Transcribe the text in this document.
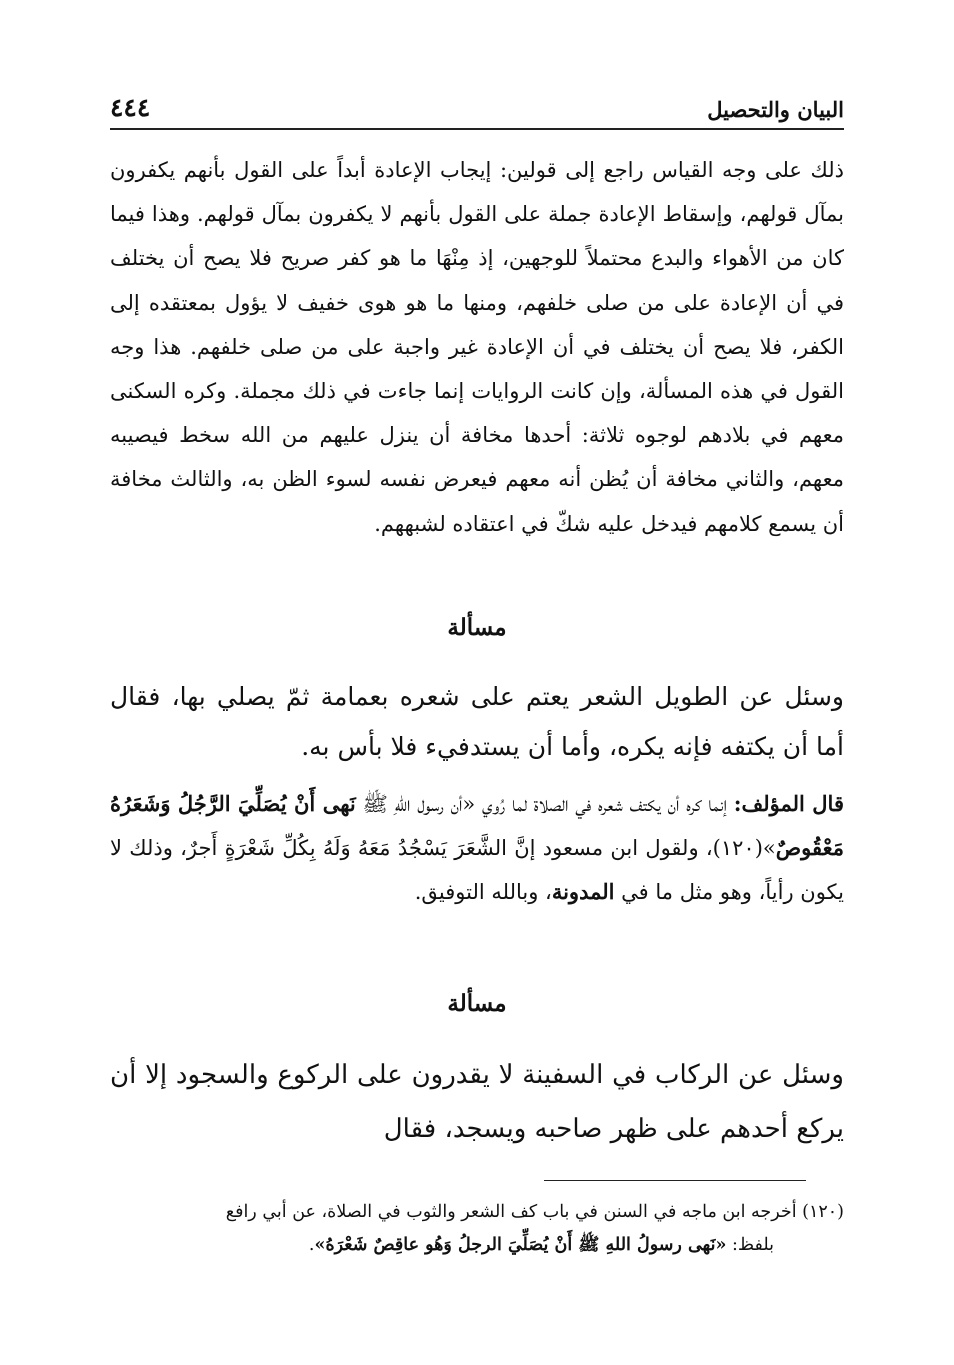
البيان والتحصيل
٤٤٤
ذلك على وجه القياس راجع إلى قولين: إيجاب الإعادة أبداً على القول بأنهم يكفرون بمآل قولهم، وإسقاط الإعادة جملة على القول بأنهم لا يكفرون بمآل قولهم. وهذا فيما كان من الأهواء والبدع محتملاً للوجهين، إذ مِنْهَا ما هو كفر صريح فلا يصح أن يختلف في أن الإعادة على من صلى خلفهم، ومنها ما هو هوى خفيف لا يؤول بمعتقده إلى الكفر، فلا يصح أن يختلف في أن الإعادة غير واجبة على من صلى خلفهم. هذا وجه القول في هذه المسألة، وإن كانت الروايات إنما جاءت في ذلك مجملة. وكره السكنى معهم في بلادهم لوجوه ثلاثة: أحدها مخافة أن ينزل عليهم من الله سخط فيصيبه معهم، والثاني مخافة أن يُظن أنه معهم فيعرض نفسه لسوء الظن به، والثالث مخافة أن يسمع كلامهم فيدخل عليه شكّ في اعتقاده لشبههم.
مسألة
وسئل عن الطويل الشعر يعتم على شعره بعمامة ثمّ يصلي بها، فقال أما أن يكتفه فإنه يكره، وأما أن يستدفيء فلا بأس به.
قال المؤلف: إنما كره أن يكتف شعره في الصلاة لما رُوي «أن رسول اللهِ ﷺ نَهى أَنْ يُصَلِّيَ الرَّجُلُ وَشَعَرُهُ مَعْقُوصٌ»(١٢٠)، ولقول ابن مسعود إنَّ الشَّعَرَ يَسْجُدُ مَعَهُ وَلَهُ بِكُلِّ شَعْرَةٍ أَجرٌ، وذلك لا يكون رأياً، وهو مثل ما في المدونة، وبالله التوفيق.
مسألة
وسئل عن الركاب في السفينة لا يقدرون على الركوع والسجود إلا أن يركع أحدهم على ظهر صاحبه ويسجد، فقال
(١٢٠) أخرجه ابن ماجه في السنن في باب كف الشعر والثوب في الصلاة، عن أبي رافع
بلفظ: «نَهى رسولُ اللهِ ﷺ أَنْ يُصَلِّيَ الرجلُ وَهُو عاقِصٌ شَعْرَهُ».
